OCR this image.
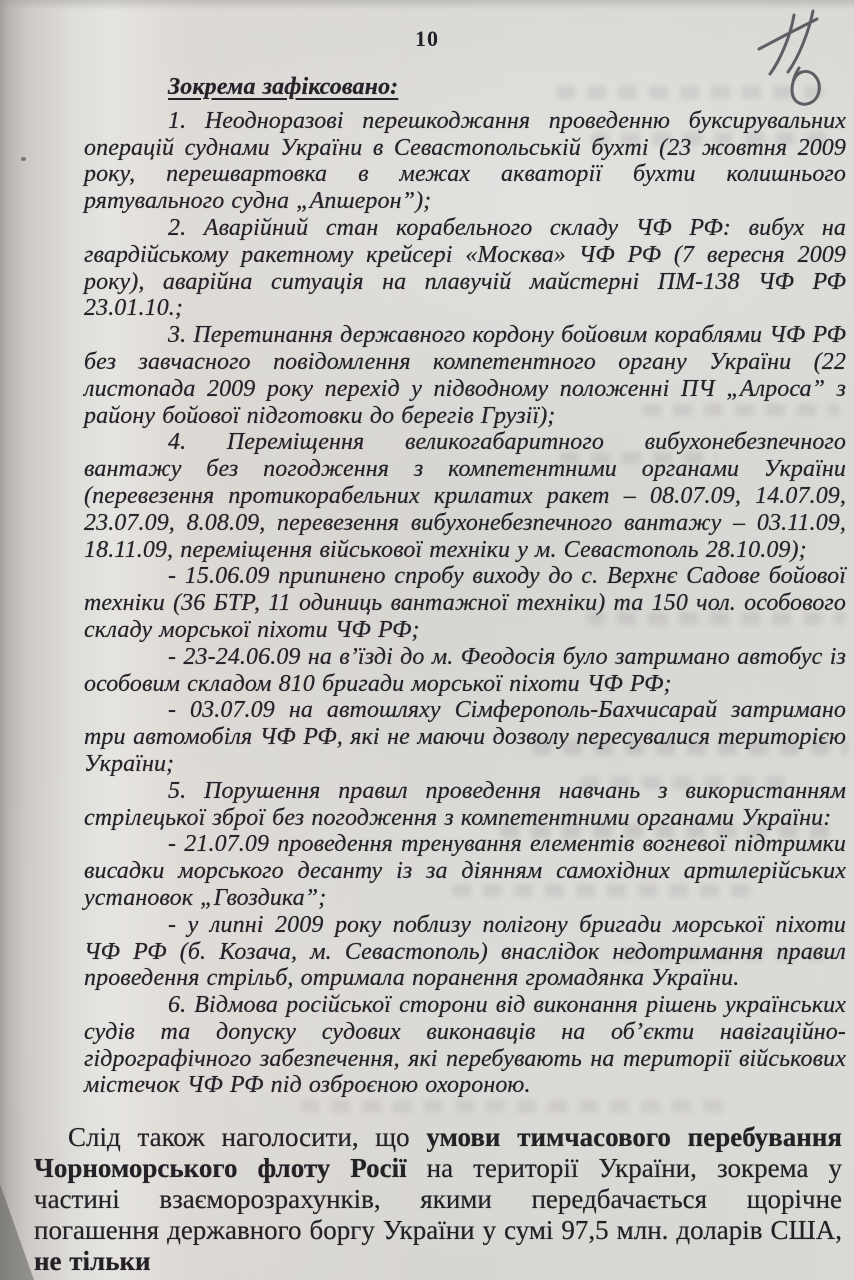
10

Зокрема зафіксовано:

1. Неодноразові перешкоджання проведенню буксирувальних операцій суднами України в Севастопольській бухті (23 жовтня 2009 року, перешвартовка в межах акваторії бухти колишнього рятувального судна „Апшерон”);

2. Аварійний стан корабельного складу ЧФ РФ: вибух на гвардійському ракетному крейсері «Москва» ЧФ РФ (7 вересня 2009 року), аварійна ситуація на плавучій майстерні ПМ-138 ЧФ РФ 23.01.10.;

3. Перетинання державного кордону бойовим кораблями ЧФ РФ без завчасного повідомлення компетентного органу України (22 листопада 2009 року перехід у підводному положенні ПЧ „Алроса” з району бойової підготовки до берегів Грузії);

4. Переміщення великогабаритного вибухонебезпечного вантажу без погодження з компетентними органами України (перевезення протикорабельних крилатих ракет – 08.07.09, 14.07.09, 23.07.09, 8.08.09, перевезення вибухонебезпечного вантажу – 03.11.09, 18.11.09, переміщення військової техніки у м. Севастополь 28.10.09);

- 15.06.09 припинено спробу виходу до с. Верхнє Садове бойової техніки (36 БТР, 11 одиниць вантажної техніки) та 150 чол. особового складу морської піхоти ЧФ РФ;

- 23-24.06.09 на в’їзді до м. Феодосія було затримано автобус із особовим складом 810 бригади морської піхоти ЧФ РФ;

- 03.07.09 на автошляху Сімферополь-Бахчисарай затримано три автомобіля ЧФ РФ, які не маючи дозволу пересувалися територією України;

5. Порушення правил проведення навчань з використанням стрілецької зброї без погодження з компетентними органами України:

- 21.07.09 проведення тренування елементів вогневої підтримки висадки морського десанту із за діянням самохідних артилерійських установок „Гвоздика”;

- у липні 2009 року поблизу полігону бригади морської піхоти ЧФ РФ (б. Козача, м. Севастополь) внаслідок недотримання правил проведення стрільб, отримала поранення громадянка України.

6. Відмова російської сторони від виконання рішень українських судів та допуску судових виконавців на об’єкти навігаційно-гідрографічного забезпечення, які перебувають на території військових містечок ЧФ РФ під озброєною охороною.

Слід також наголосити, що умови тимчасового перебування Чорноморського флоту Росії на території України, зокрема у частині взаєморозрахунків, якими передбачається щорічне погашення державного боргу України у сумі 97,5 млн. доларів США, не тільки
